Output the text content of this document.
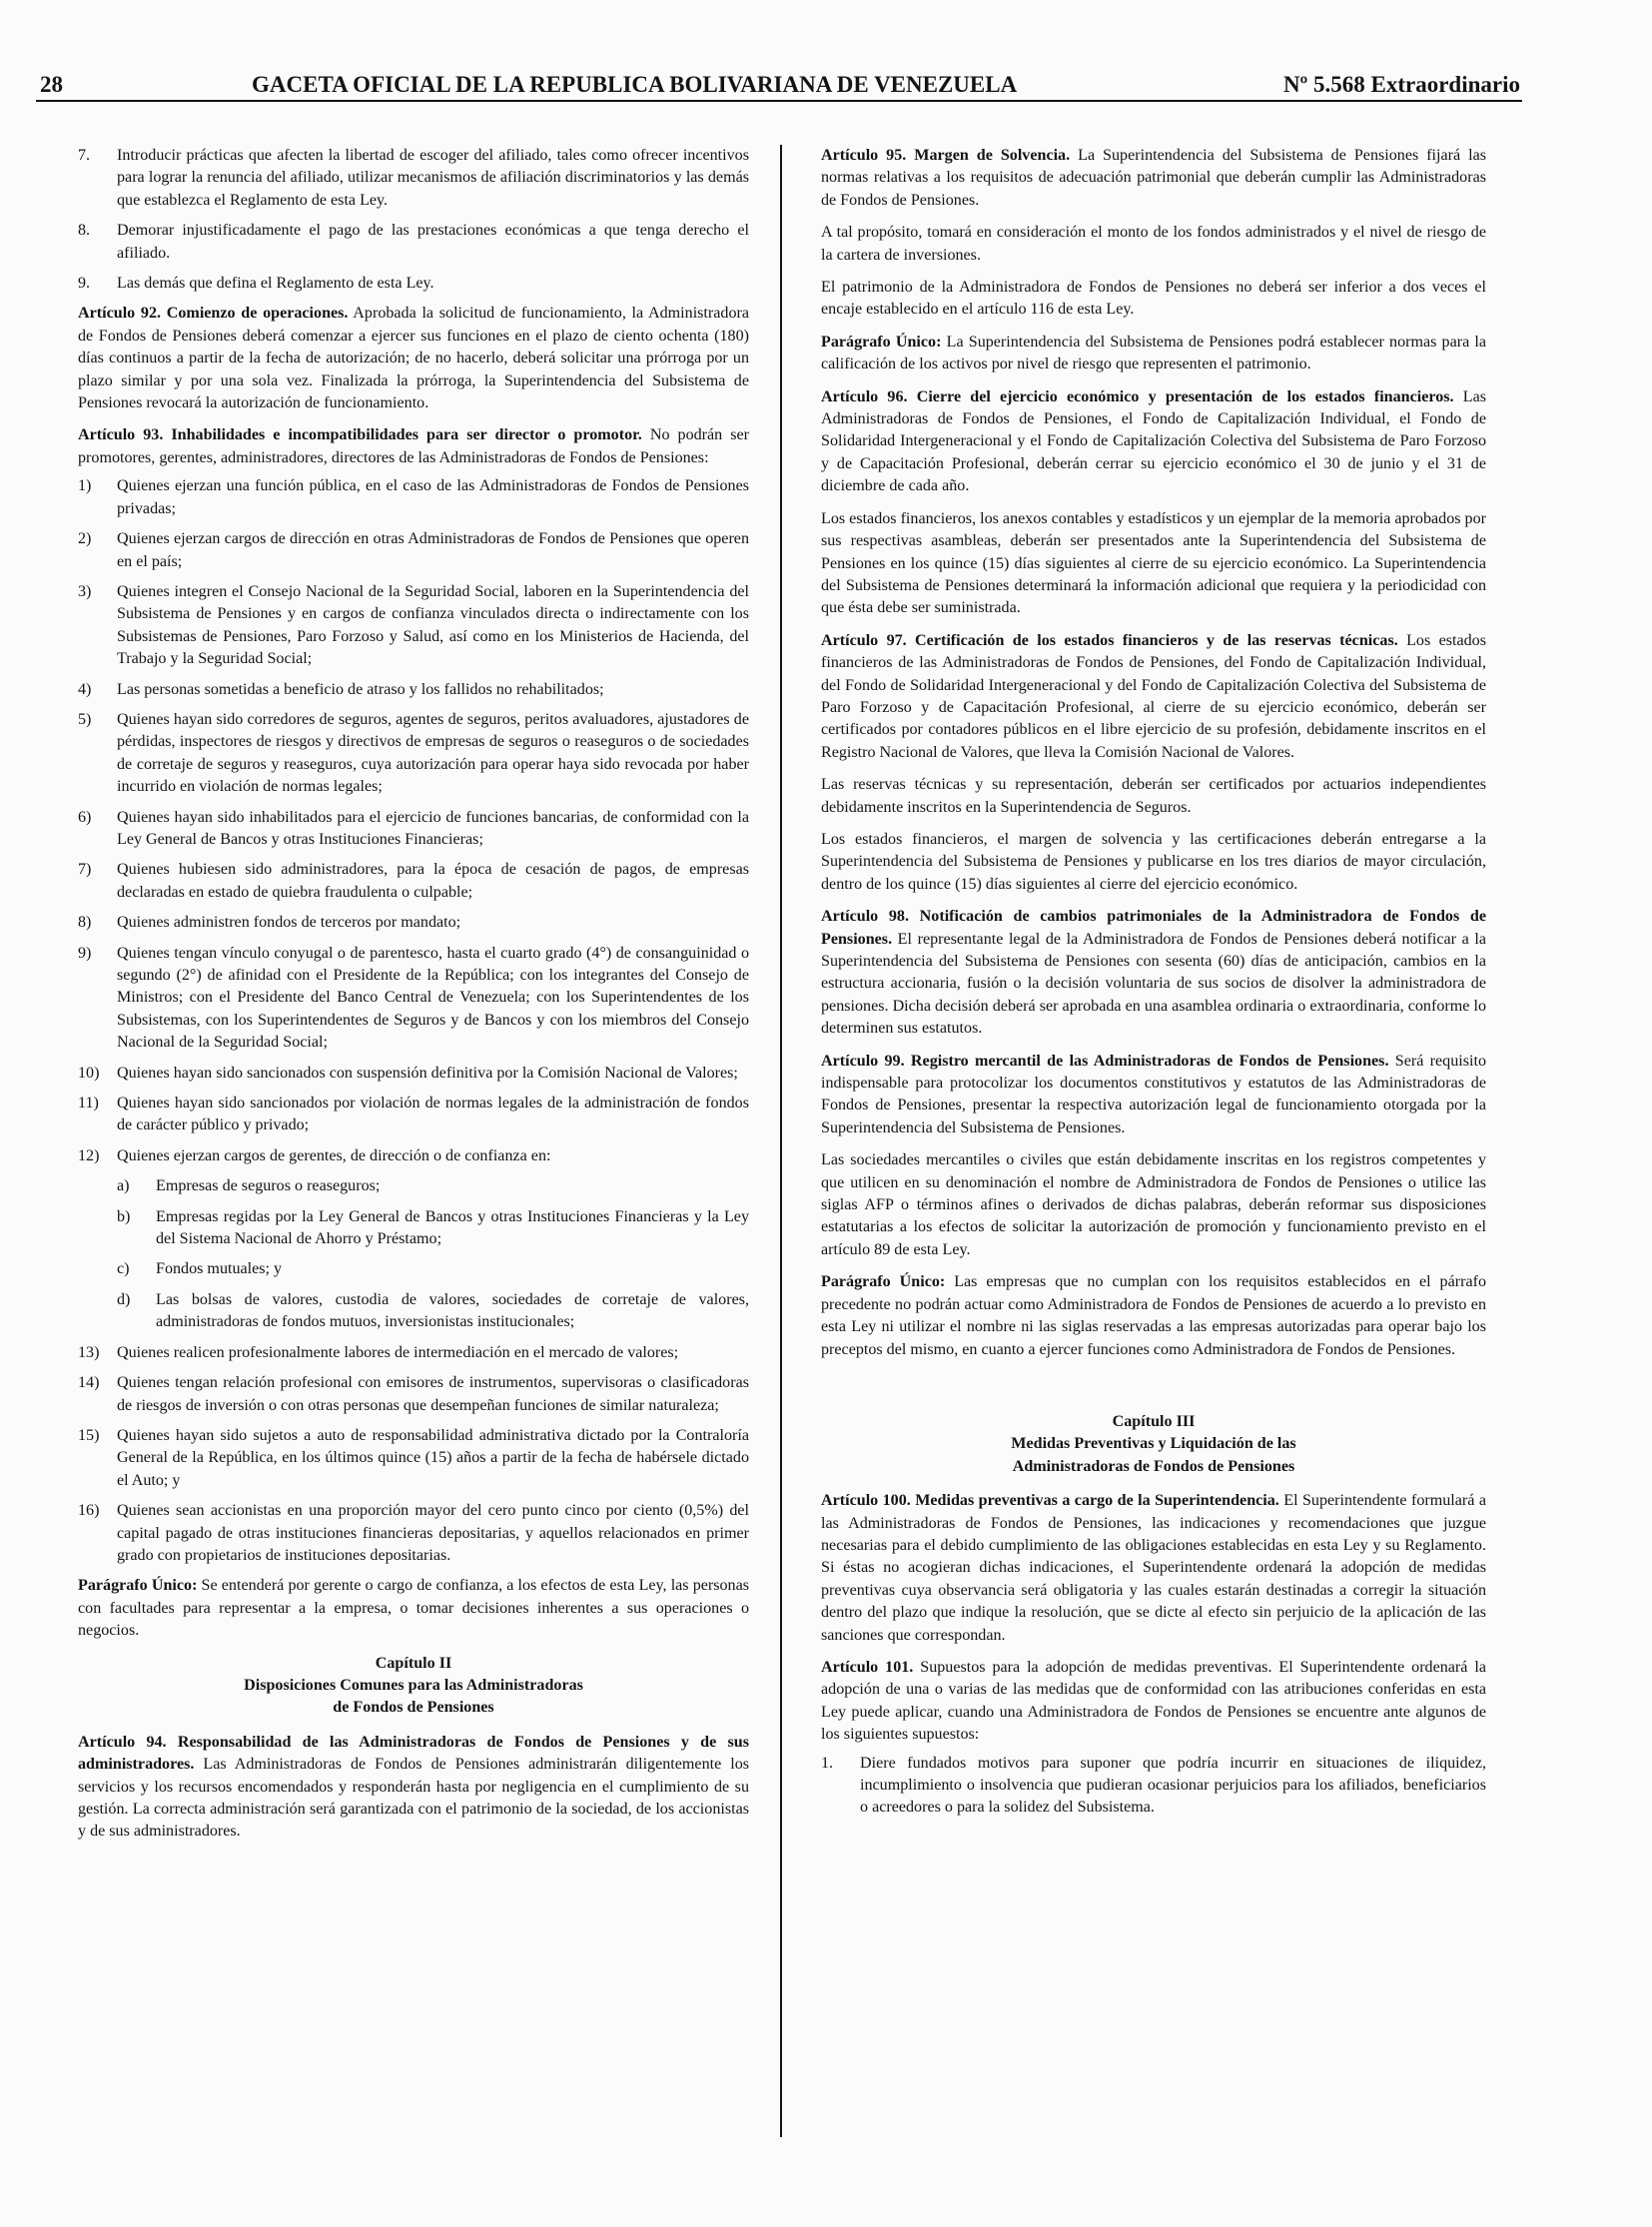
28	GACETA OFICIAL DE LA REPUBLICA BOLIVARIANA DE VENEZUELA	Nº 5.568 Extraordinario
7.	Introducir prácticas que afecten la libertad de escoger del afiliado, tales como ofrecer incentivos para lograr la renuncia del afiliado, utilizar mecanismos de afiliación discriminatorios y las demás que establezca el Reglamento de esta Ley.
8.	Demorar injustificadamente el pago de las prestaciones económicas a que tenga derecho el afiliado.
9.	Las demás que defina el Reglamento de esta Ley.

Artículo 92. Comienzo de operaciones. Aprobada la solicitud de funcionamiento, la Administradora de Fondos de Pensiones deberá comenzar a ejercer sus funciones en el plazo de ciento ochenta (180) días continuos a partir de la fecha de autorización; de no hacerlo, deberá solicitar una prórroga por un plazo similar y por una sola vez. Finalizada la prórroga, la Superintendencia del Subsistema de Pensiones revocará la autorización de funcionamiento.

Artículo 93. Inhabilidades e incompatibilidades para ser director o promotor. No podrán ser promotores, gerentes, administradores, directores de las Administradoras de Fondos de Pensiones:

1)	Quienes ejerzan una función pública, en el caso de las Administradoras de Fondos de Pensiones privadas;
2)	Quienes ejerzan cargos de dirección en otras Administradoras de Fondos de Pensiones que operen en el país;
3)	Quienes integren el Consejo Nacional de la Seguridad Social, laboren en la Superintendencia del Subsistema de Pensiones y en cargos de confianza vinculados directa o indirectamente con los Subsistemas de Pensiones, Paro Forzoso y Salud, así como en los Ministerios de Hacienda, del Trabajo y la Seguridad Social;
4)	Las personas sometidas a beneficio de atraso y los fallidos no rehabilitados;
5)	Quienes hayan sido corredores de seguros, agentes de seguros, peritos avaluadores, ajustadores de pérdidas, inspectores de riesgos y directivos de empresas de seguros o reaseguros o de sociedades de corretaje de seguros y reaseguros, cuya autorización para operar haya sido revocada por haber incurrido en violación de normas legales;
6)	Quienes hayan sido inhabilitados para el ejercicio de funciones bancarias, de conformidad con la Ley General de Bancos y otras Instituciones Financieras;
7)	Quienes hubiesen sido administradores, para la época de cesación de pagos, de empresas declaradas en estado de quiebra fraudulenta o culpable;
8)	Quienes administren fondos de terceros por mandato;
9)	Quienes tengan vínculo conyugal o de parentesco, hasta el cuarto grado (4°) de consanguinidad o segundo (2°) de afinidad con el Presidente de la República; con los integrantes del Consejo de Ministros; con el Presidente del Banco Central de Venezuela; con los Superintendentes de los Subsistemas, con los Superintendentes de Seguros y de Bancos y con los miembros del Consejo Nacional de la Seguridad Social;
10)	Quienes hayan sido sancionados con suspensión definitiva por la Comisión Nacional de Valores;
11)	Quienes hayan sido sancionados por violación de normas legales de la administración de fondos de carácter público y privado;
12)	Quienes ejerzan cargos de gerentes, de dirección o de confianza en:
a)	Empresas de seguros o reaseguros;
b)	Empresas regidas por la Ley General de Bancos y otras Instituciones Financieras y la Ley del Sistema Nacional de Ahorro y Préstamo;
c)	Fondos mutuales; y
d)	Las bolsas de valores, custodia de valores, sociedades de corretaje de valores, administradoras de fondos mutuos, inversionistas institucionales;
13)	Quienes realicen profesionalmente labores de intermediación en el mercado de valores;
14)	Quienes tengan relación profesional con emisores de instrumentos, supervisoras o clasificadoras de riesgos de inversión o con otras personas que desempeñan funciones de similar naturaleza;
15)	Quienes hayan sido sujetos a auto de responsabilidad administrativa dictado por la Contraloría General de la República, en los últimos quince (15) años a partir de la fecha de habérsele dictado el Auto; y
16)	Quienes sean accionistas en una proporción mayor del cero punto cinco por ciento (0,5%) del capital pagado de otras instituciones financieras depositarias, y aquellos relacionados en primer grado con propietarios de instituciones depositarias.

Parágrafo Único: Se entenderá por gerente o cargo de confianza, a los efectos de esta Ley, las personas con facultades para representar a la empresa, o tomar decisiones inherentes a sus operaciones o negocios.

Capítulo II
Disposiciones Comunes para las Administradoras
de Fondos de Pensiones

Artículo 94. Responsabilidad de las Administradoras de Fondos de Pensiones y de sus administradores. Las Administradoras de Fondos de Pensiones administrarán diligentemente los servicios y los recursos encomendados y responderán hasta por negligencia en el cumplimiento de su gestión. La correcta administración será garantizada con el patrimonio de la sociedad, de los accionistas y de sus administradores.

Artículo 95. Margen de Solvencia. La Superintendencia del Subsistema de Pensiones fijará las normas relativas a los requisitos de adecuación patrimonial que deberán cumplir las Administradoras de Fondos de Pensiones.

A tal propósito, tomará en consideración el monto de los fondos administrados y el nivel de riesgo de la cartera de inversiones.

El patrimonio de la Administradora de Fondos de Pensiones no deberá ser inferior a dos veces el encaje establecido en el artículo 116 de esta Ley.

Parágrafo Único: La Superintendencia del Subsistema de Pensiones podrá establecer normas para la calificación de los activos por nivel de riesgo que representen el patrimonio.

Artículo 96. Cierre del ejercicio económico y presentación de los estados financieros. Las Administradoras de Fondos de Pensiones, el Fondo de Capitalización Individual, el Fondo de Solidaridad Intergeneracional y el Fondo de Capitalización Colectiva del Subsistema de Paro Forzoso y de Capacitación Profesional, deberán cerrar su ejercicio económico el 30 de junio y el 31 de diciembre de cada año.

Los estados financieros, los anexos contables y estadísticos y un ejemplar de la memoria aprobados por sus respectivas asambleas, deberán ser presentados ante la Superintendencia del Subsistema de Pensiones en los quince (15) días siguientes al cierre de su ejercicio económico. La Superintendencia del Subsistema de Pensiones determinará la información adicional que requiera y la periodicidad con que ésta debe ser suministrada.

Artículo 97. Certificación de los estados financieros y de las reservas técnicas. Los estados financieros de las Administradoras de Fondos de Pensiones, del Fondo de Capitalización Individual, del Fondo de Solidaridad Intergeneracional y del Fondo de Capitalización Colectiva del Subsistema de Paro Forzoso y de Capacitación Profesional, al cierre de su ejercicio económico, deberán ser certificados por contadores públicos en el libre ejercicio de su profesión, debidamente inscritos en el Registro Nacional de Valores, que lleva la Comisión Nacional de Valores.

Las reservas técnicas y su representación, deberán ser certificados por actuarios independientes debidamente inscritos en la Superintendencia de Seguros.

Los estados financieros, el margen de solvencia y las certificaciones deberán entregarse a la Superintendencia del Subsistema de Pensiones y publicarse en los tres diarios de mayor circulación, dentro de los quince (15) días siguientes al cierre del ejercicio económico.

Artículo 98. Notificación de cambios patrimoniales de la Administradora de Fondos de Pensiones. El representante legal de la Administradora de Fondos de Pensiones deberá notificar a la Superintendencia del Subsistema de Pensiones con sesenta (60) días de anticipación, cambios en la estructura accionaria, fusión o la decisión voluntaria de sus socios de disolver la administradora de pensiones. Dicha decisión deberá ser aprobada en una asamblea ordinaria o extraordinaria, conforme lo determinen sus estatutos.

Artículo 99. Registro mercantil de las Administradoras de Fondos de Pensiones. Será requisito indispensable para protocolizar los documentos constitutivos y estatutos de las Administradoras de Fondos de Pensiones, presentar la respectiva autorización legal de funcionamiento otorgada por la Superintendencia del Subsistema de Pensiones.

Las sociedades mercantiles o civiles que están debidamente inscritas en los registros competentes y que utilicen en su denominación el nombre de Administradora de Fondos de Pensiones o utilice las siglas AFP o términos afines o derivados de dichas palabras, deberán reformar sus disposiciones estatutarias a los efectos de solicitar la autorización de promoción y funcionamiento previsto en el artículo 89 de esta Ley.

Parágrafo Único: Las empresas que no cumplan con los requisitos establecidos en el párrafo precedente no podrán actuar como Administradora de Fondos de Pensiones de acuerdo a lo previsto en esta Ley ni utilizar el nombre ni las siglas reservadas a las empresas autorizadas para operar bajo los preceptos del mismo, en cuanto a ejercer funciones como Administradora de Fondos de Pensiones.

Capítulo III
Medidas Preventivas y Liquidación de las
Administradoras de Fondos de Pensiones

Artículo 100. Medidas preventivas a cargo de la Superintendencia. El Superintendente formulará a las Administradoras de Fondos de Pensiones, las indicaciones y recomendaciones que juzgue necesarias para el debido cumplimiento de las obligaciones establecidas en esta Ley y su Reglamento. Si éstas no acogieran dichas indicaciones, el Superintendente ordenará la adopción de medidas preventivas cuya observancia será obligatoria y las cuales estarán destinadas a corregir la situación dentro del plazo que indique la resolución, que se dicte al efecto sin perjuicio de la aplicación de las sanciones que correspondan.

Artículo 101. Supuestos para la adopción de medidas preventivas. El Superintendente ordenará la adopción de una o varias de las medidas que de conformidad con las atribuciones conferidas en esta Ley puede aplicar, cuando una Administradora de Fondos de Pensiones se encuentre ante algunos de los siguientes supuestos:

1.	Diere fundados motivos para suponer que podría incurrir en situaciones de iliquidez, incumplimiento o insolvencia que pudieran ocasionar perjuicios para los afiliados, beneficiarios o acreedores o para la solidez del Subsistema.
